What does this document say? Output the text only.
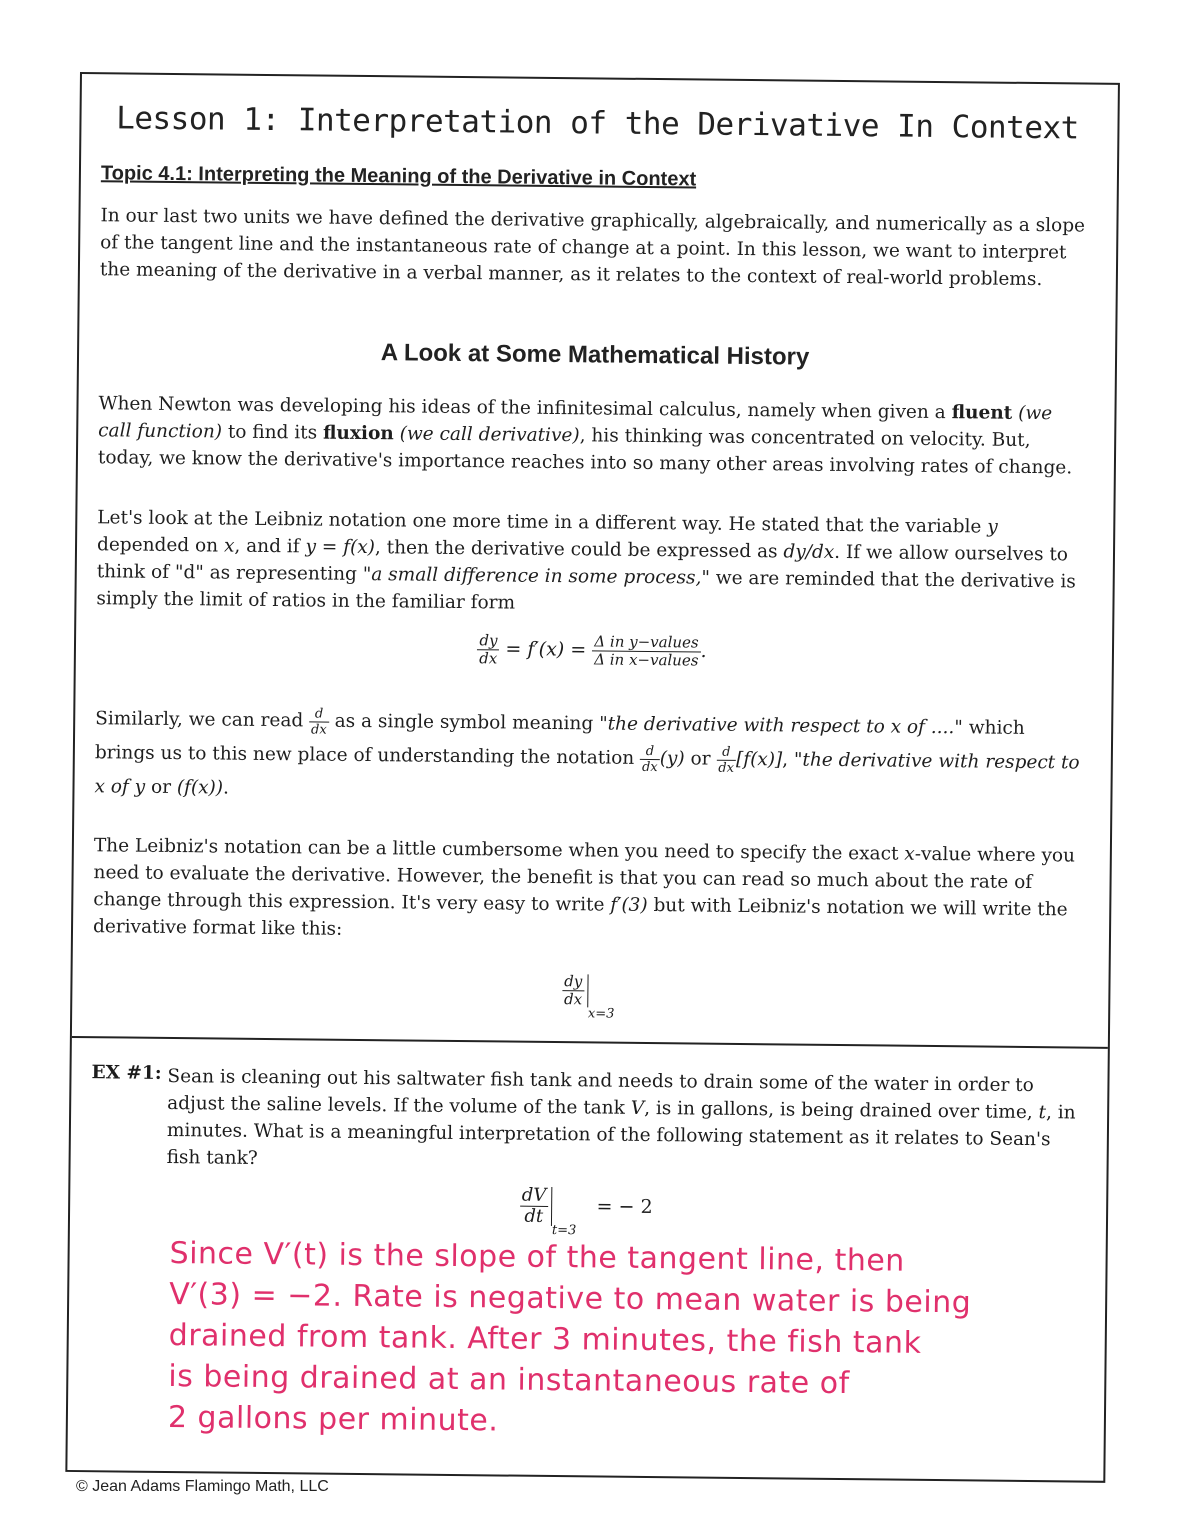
Lesson 1: Interpretation of the Derivative In Context
Topic 4.1: Interpreting the Meaning of the Derivative in Context
In our last two units we have defined the derivative graphically, algebraically, and numerically as a slope of the tangent line and the instantaneous rate of change at a point. In this lesson, we want to interpret the meaning of the derivative in a verbal manner, as it relates to the context of real-world problems.
A Look at Some Mathematical History
When Newton was developing his ideas of the infinitesimal calculus, namely when given a fluent (we call function) to find its fluxion (we call derivative), his thinking was concentrated on velocity. But, today, we know the derivative's importance reaches into so many other areas involving rates of change.
Let's look at the Leibniz notation one more time in a different way. He stated that the variable y depended on x, and if y = f(x), then the derivative could be expressed as dy/dx. If we allow ourselves to think of "d" as representing "a small difference in some process," we are reminded that the derivative is simply the limit of ratios in the familiar form
$\frac{dy}{dx} = f'(x) = \frac{\text{Δ in y−values}}{\text{Δ in x−values}}$ .
Similarly, we can read $\frac{d}{dx}$ as a single symbol meaning "the derivative with respect to x of ...." which brings us to this new place of understanding the notation $\frac{d}{dx} (y)$ or $\frac{d}{dx} [f(x)]$, "the derivative with respect to x of y or (f(x)).
The Leibniz's notation can be a little cumbersome when you need to specify the exact x-value where you need to evaluate the derivative. However, the benefit is that you can read so much about the rate of change through this expression. It's very easy to write f′(3) but with Leibniz's notation we will write the derivative format like this:
$\frac{dy}{dx}$
x=3
EX #1: Sean is cleaning out his saltwater fish tank and needs to drain some of the water in order to adjust the saline levels. If the volume of the tank V, is in gallons, is being drained over time, t, in minutes. What is a meaningful interpretation of the following statement as it relates to Sean's fish tank?
$\frac{dV}{dt}$
t=3 = − 2
Since V′(t) is the slope of the tangent line, then
V′(3) = −2. Rate is negative to mean water is being
drained from tank. After 3 minutes, the fish tank
is being drained at an instantaneous rate of
2 gallons per minute.
© Jean Adams Flamingo Math, LLC
